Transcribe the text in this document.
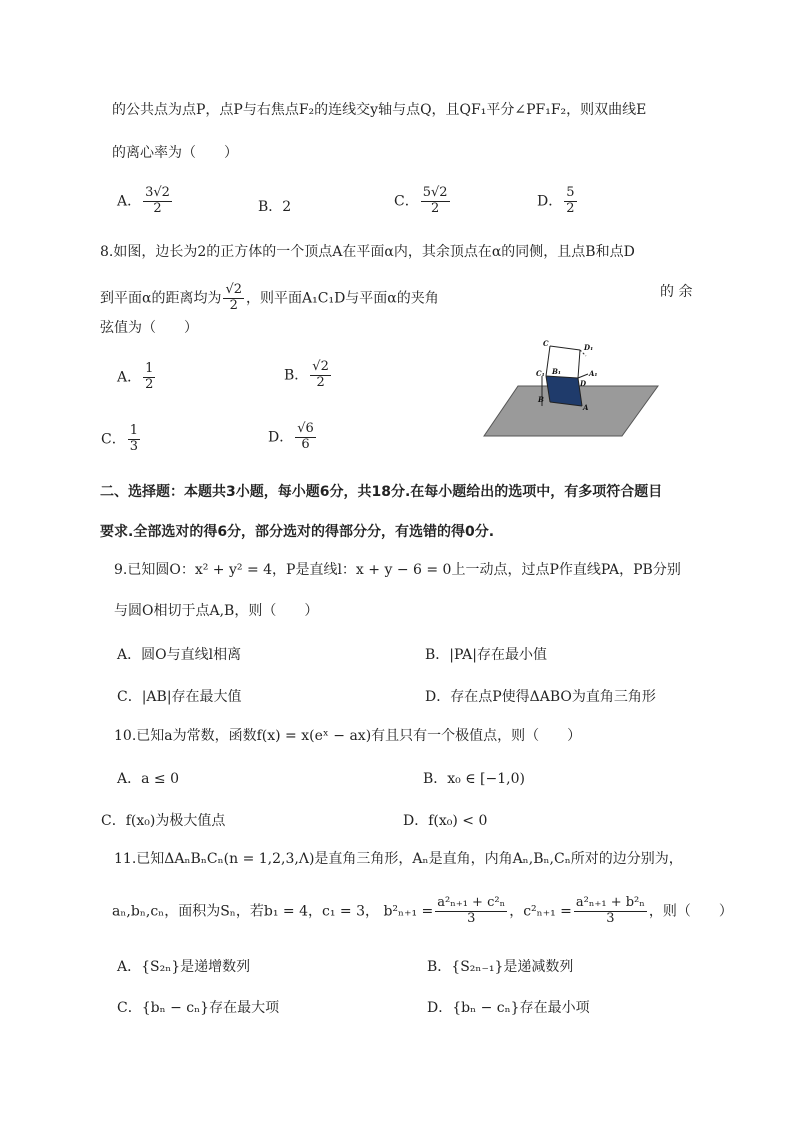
的公共点为点P，点P与右焦点F₂的连线交y轴与点Q，且QF₁平分∠PF₁F₂，则双曲线E
的离心率为（　　）
A． $\frac{3√2}{2}$	B．2	C． $\frac{5√2}{2}$	D． $\frac{5}{2}$
8.如图，边长为2的正方体的一个顶点A在平面α内，其余顶点在α的同侧，且点B和点D
到平面α的距离均为 $\frac{√2}{2}$ ，则平面A₁C₁D与平面α的夹角	的 余
弦值为（　　）
A． $\frac{1}{2}$	B． $\frac{√2}{2}$
C． $\frac{1}{3}$	D． $\frac{√6}{6}$
C	D₁
C₁ B₁	A₁
D
B
A
二、选择题：本题共3小题，每小题6分，共18分.在每小题给出的选项中，有多项符合题目
要求.全部选对的得6分，部分选对的得部分分，有选错的得0分.
9.已知圆O：x² + y² = 4，P是直线l：x + y − 6 = 0上一动点，过点P作直线PA，PB分别
与圆O相切于点A,B，则（　　）
A．圆O与直线l相离	B．|PA|存在最小值
C．|AB|存在最大值	D．存在点P使得ΔABO为直角三角形
10.已知a为常数，函数f(x) = x(eˣ − ax)有且只有一个极值点，则（　　）
A．a ≤ 0	B．x₀ ∈ [−1,0)
C．f(x₀)为极大值点	D．f(x₀) < 0
11.已知ΔAₙBₙCₙ(n = 1,2,3,Λ)是直角三角形，Aₙ是直角，内角Aₙ,Bₙ,Cₙ所对的边分别为，
aₙ,bₙ,cₙ，面积为Sₙ，若b₁ = 4，c₁ = 3， $b^2_{n+1} = \frac{\text{a²ₙ₊₁ + c²ₙ}}{3}$ ，$c^2_{n+1} = \frac{\text{a²ₙ₊₁ + b²ₙ}}{3}$ ，则（　　）
A．{S₂ₙ}是递增数列	B．{S₂ₙ₋₁}是递减数列
C．{bₙ − cₙ}存在最大项	D．{bₙ − cₙ}存在最小项
